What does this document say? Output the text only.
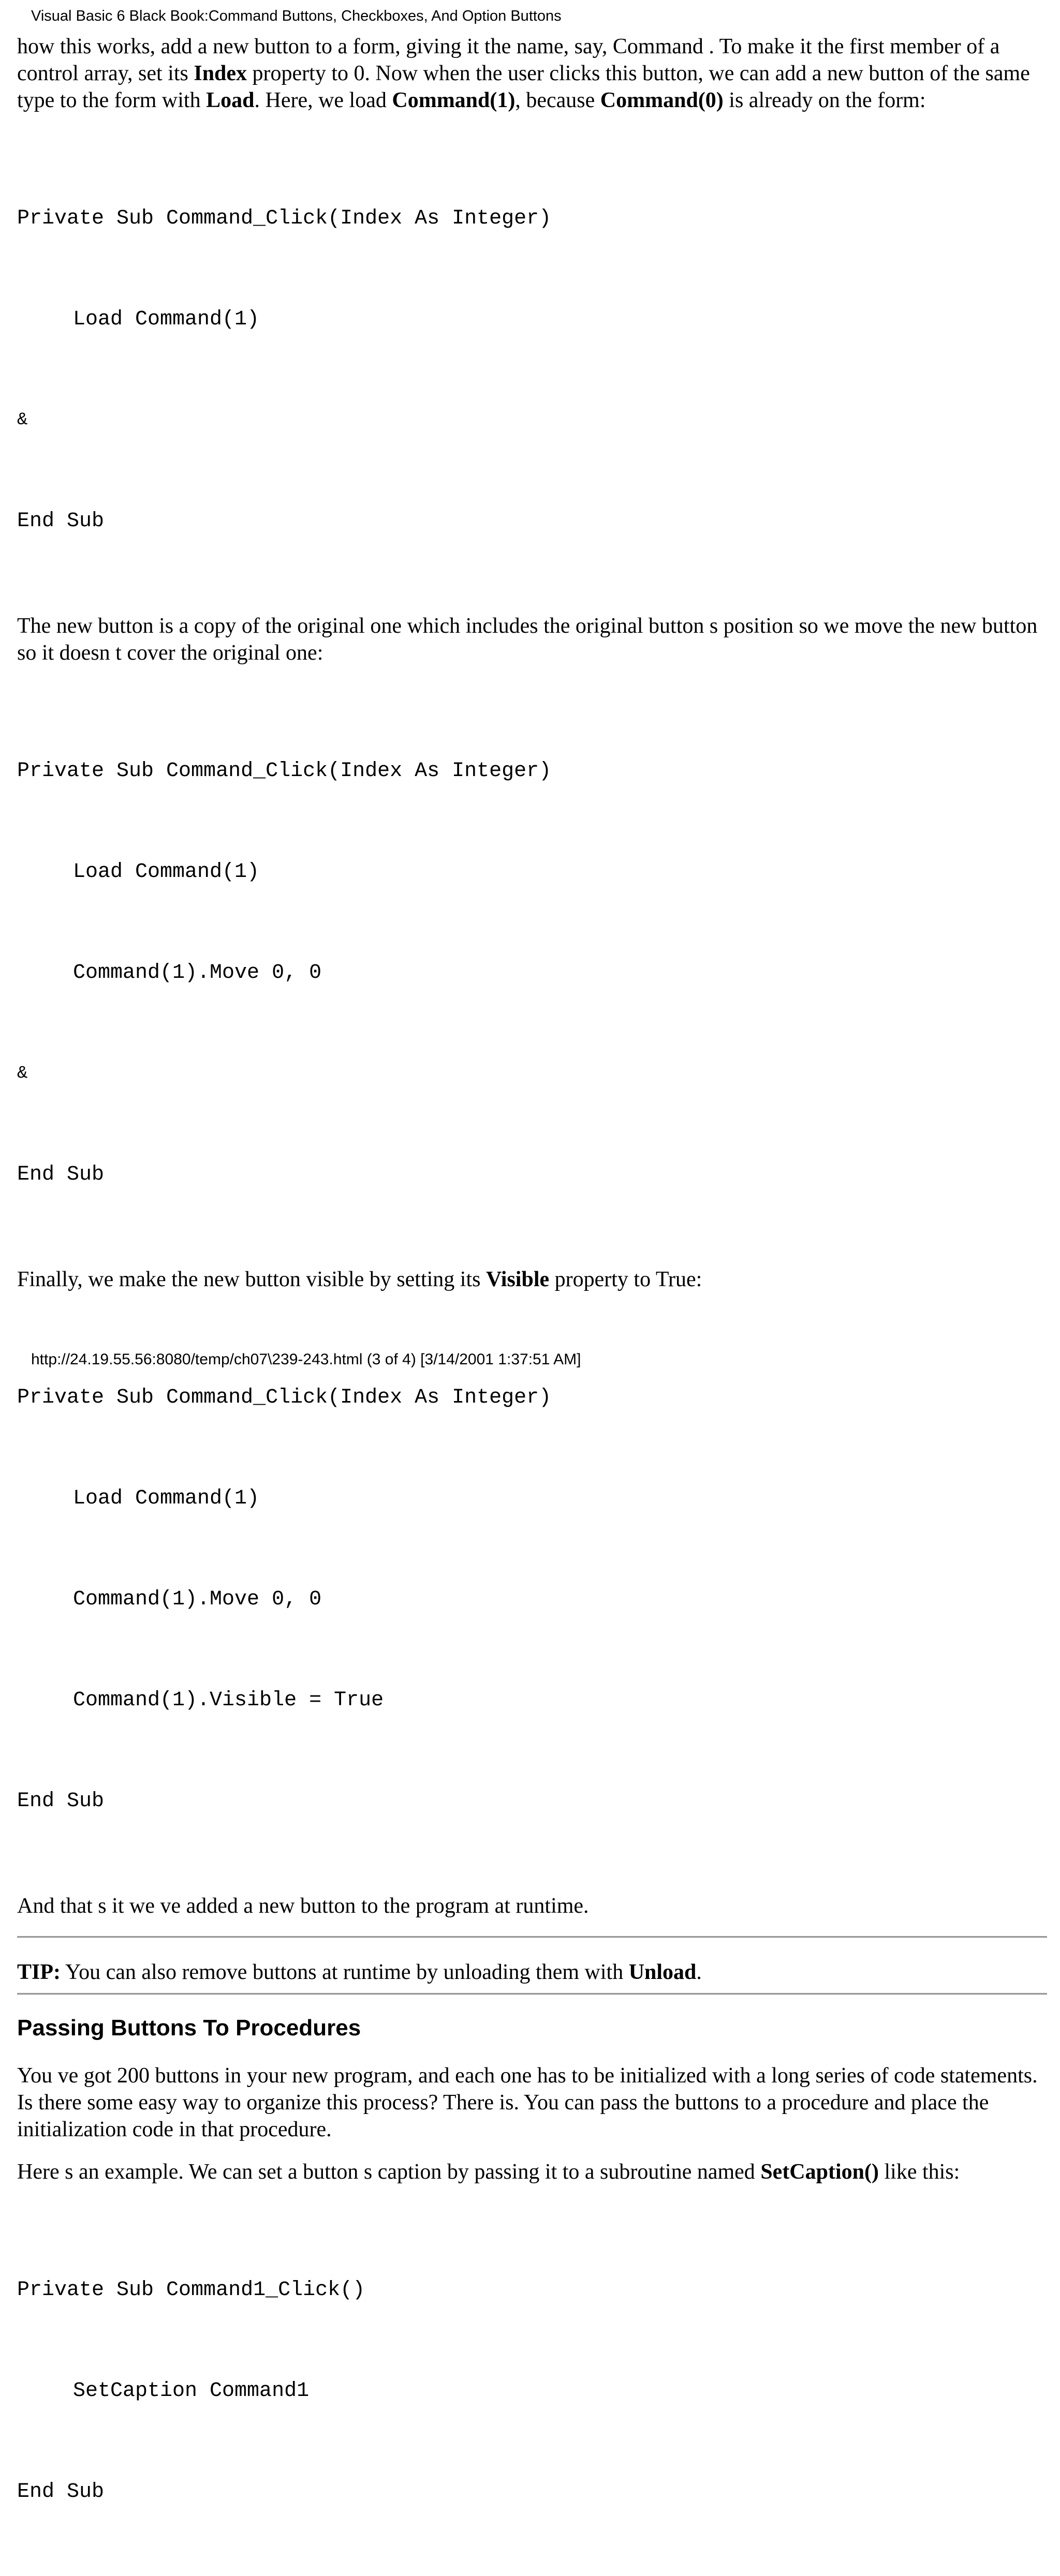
Visual Basic 6 Black Book:Command Buttons, Checkboxes, And Option Buttons

how this works, add a new button to a form, giving it the name, say, Command . To make it the first member of a control array, set its Index property to 0. Now when the user clicks this button, we can add a new button of the same type to the form with Load. Here, we load Command(1), because Command(0) is already on the form:

Private Sub Command_Click(Index As Integer)

Load Command(1)

&

End Sub

The new button is a copy of the original one which includes the original button s position so we move the new button so it doesn t cover the original one:

Private Sub Command_Click(Index As Integer)

Load Command(1)

Command(1).Move 0, 0

&

End Sub

Finally, we make the new button visible by setting its Visible property to True:

Private Sub Command_Click(Index As Integer)

Load Command(1)

Command(1).Move 0, 0

Command(1).Visible = True

End Sub

And that s it we ve added a new button to the program at runtime.

TIP: You can also remove buttons at runtime by unloading them with Unload.

Passing Buttons To Procedures

You ve got 200 buttons in your new program, and each one has to be initialized with a long series of code statements. Is there some easy way to organize this process? There is. You can pass the buttons to a procedure and place the initialization code in that procedure.

Here s an example. We can set a button s caption by passing it to a subroutine named SetCaption() like this:

Private Sub Command1_Click()

SetCaption Command1

End Sub

http://24.19.55.56:8080/temp/ch07\239-243.html (3 of 4) [3/14/2001 1:37:51 AM]
